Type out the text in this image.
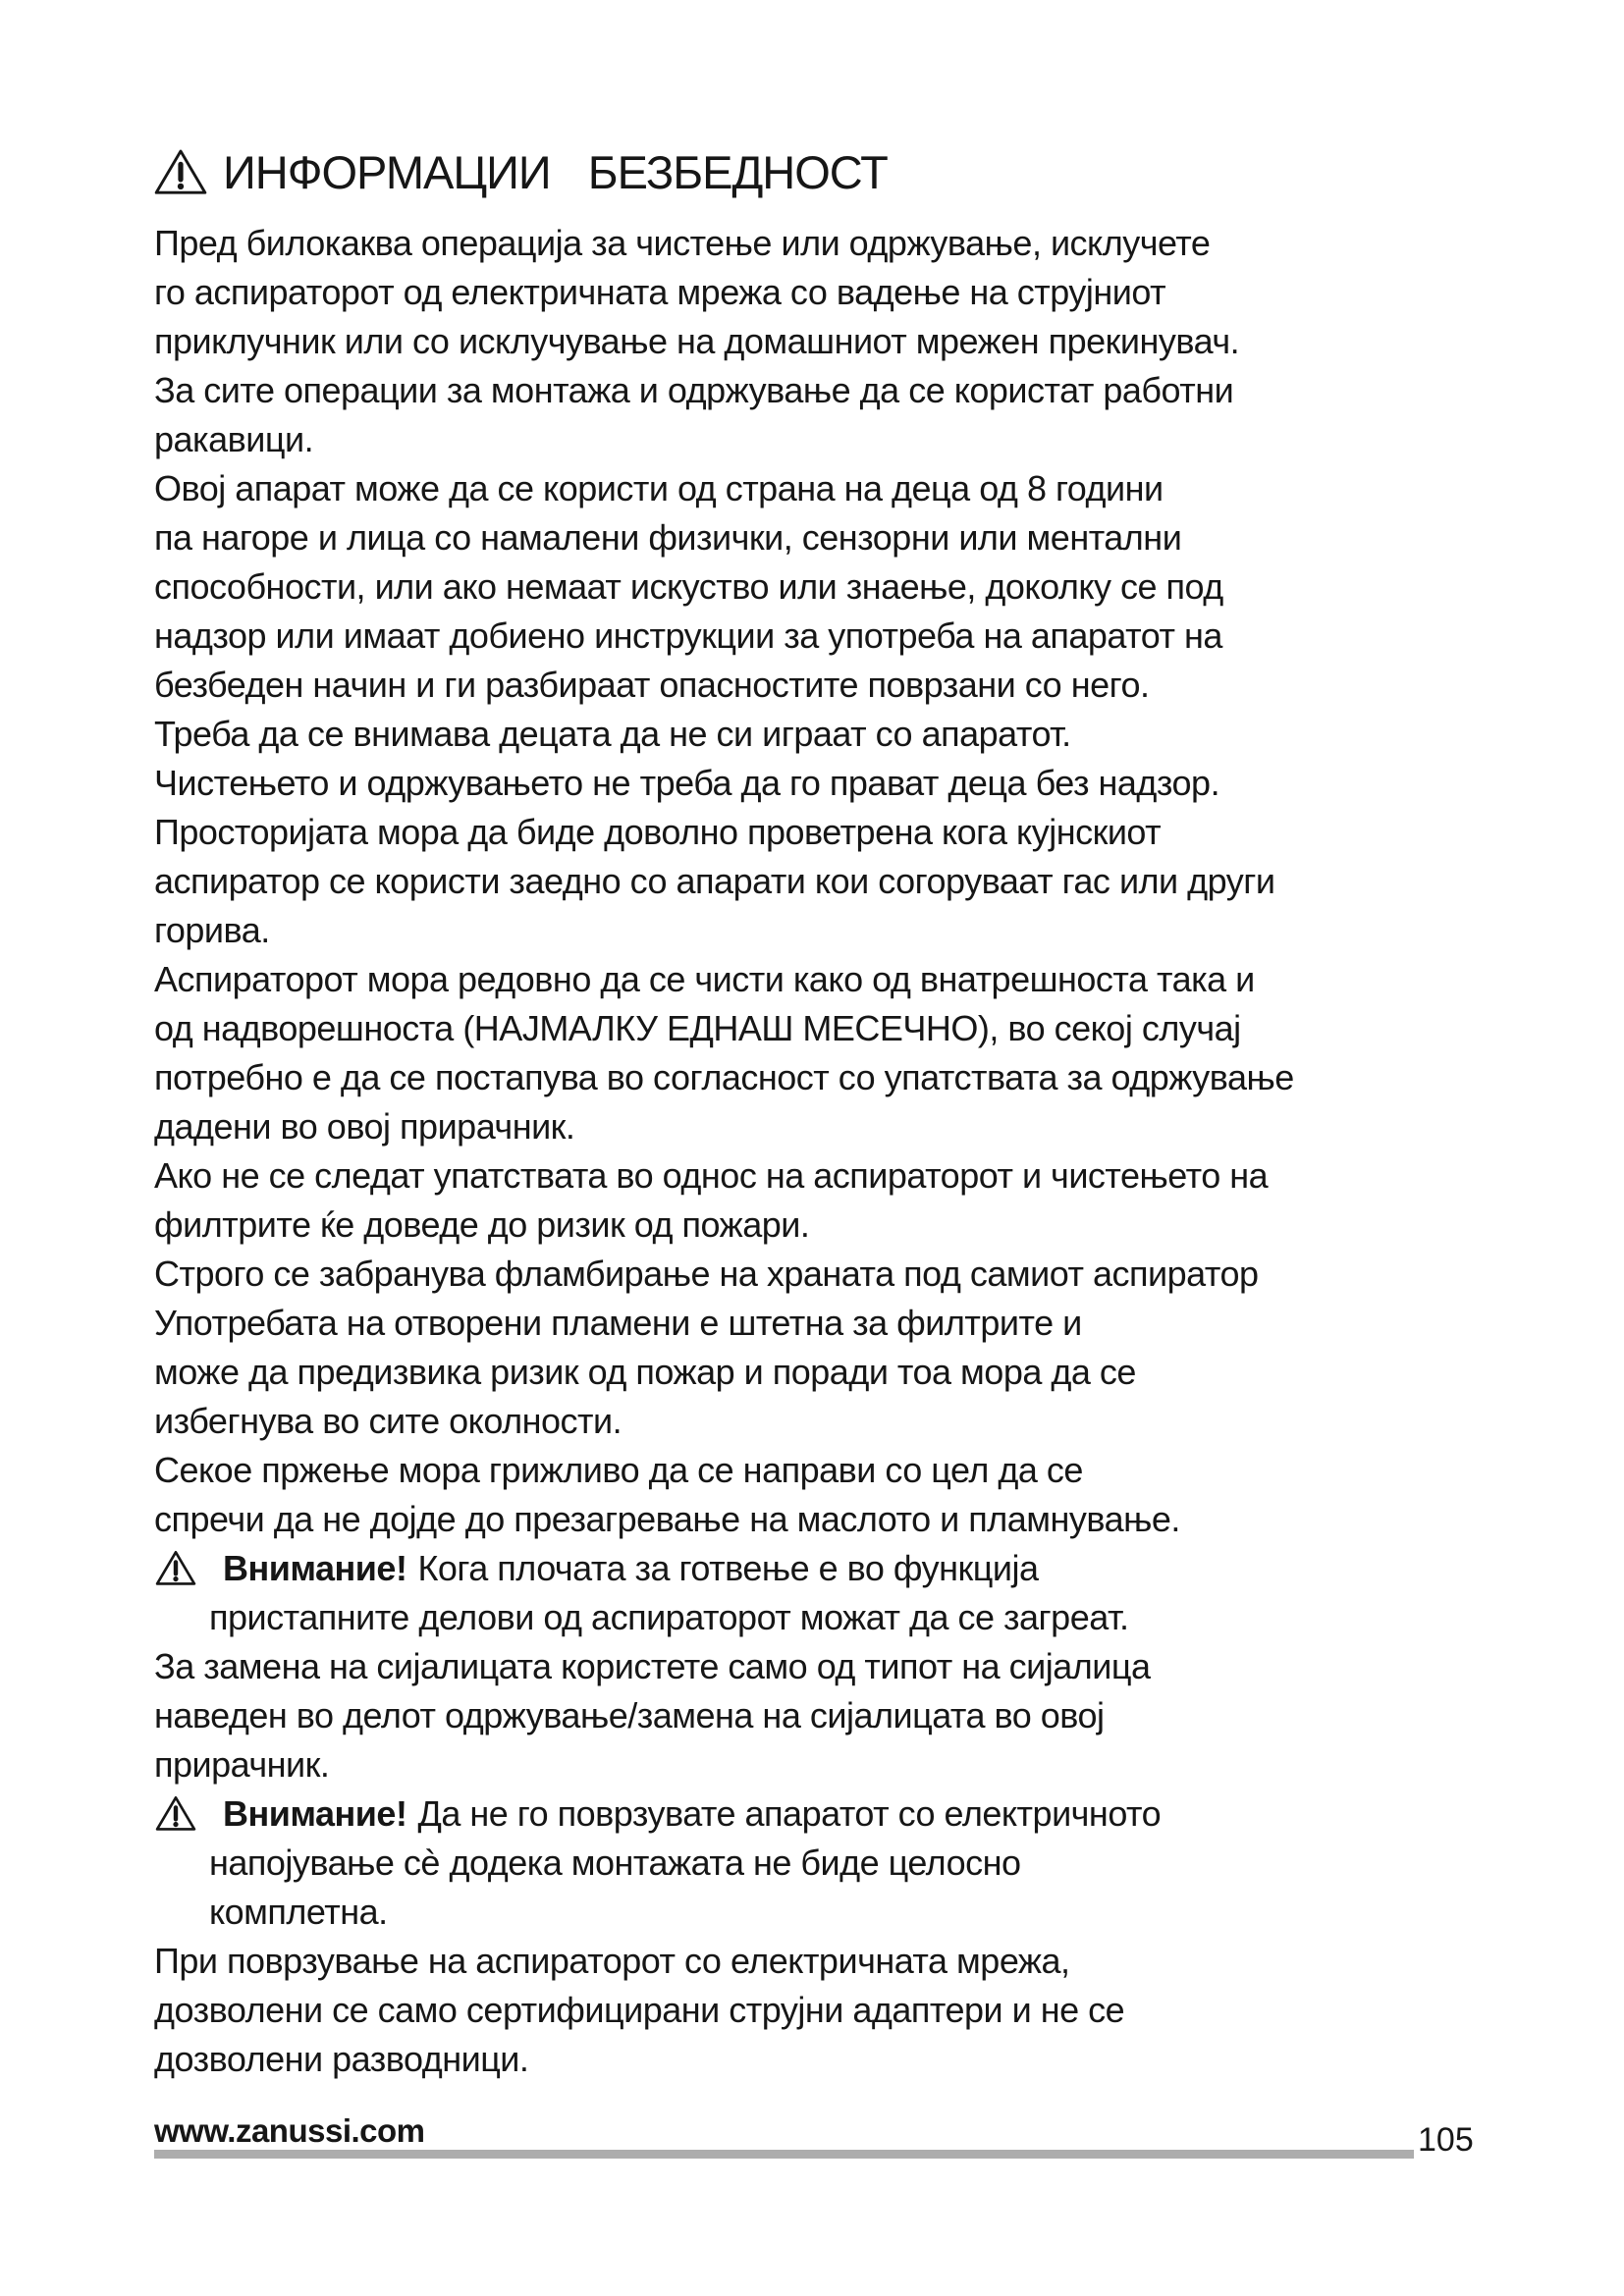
ИНФОРМАЦИИ БЕЗБЕДНОСТ
Пред билокаква операција за чистење или одржување, исклучете
го аспираторот од електричната мрежа со вадење на струјниот
приклучник или со исклучување на домашниот мрежен прекинувач.
За сите операции за монтажа и одржување да се користат работни
ракавици.
Овој апарат може да се користи од страна на деца од 8 години
па нагоре и лица со намалени физички, сензорни или ментални
способности, или ако немаат искуство или знаење, доколку се под
надзор или имаат добиено инструкции за употреба на апаратот на
безбеден начин и ги разбираат опасностите поврзани со него.
Треба да се внимава децата да не си играат со апаратот.
Чистењето и одржувањето не треба да го прават деца без надзор.
Просторијата мора да биде доволно проветрена кога кујнскиот
аспиратор се користи заедно со апарати кои согоруваат гас или други
горива.
Аспираторот мора редовно да се чисти како од внатрешноста така и
од надворешноста (НАЈМАЛКУ ЕДНАШ МЕСЕЧНО), во секој случај
потребно е да се постапува во согласност со упатствата за одржување
дадени во овој прирачник.
Ако не се следат упатствата во однос на аспираторот и чистењето на
филтрите ќе доведе до ризик од пожари.
Строго се забранува фламбирање на храната под самиот аспиратор
Употребата на отворени пламени е штетна за филтрите и
може да предизвика ризик од пожар и поради тоа мора да се
избегнува во сите околности.
Секое пржење мора грижливо да се направи со цел да се
спречи да не дојде до презагревање на маслото и пламнување.
Внимание! Кога плочата за готвење е во функција
пристапните делови од аспираторот можат да се загреат.
За замена на сијалицата користете само од типот на сијалица
наведен во делот одржување/замена на сијалицата во овој
прирачник.
Внимание! Да не го поврзувате апаратот со електричното
напојување сè додека монтажата не биде целосно
комплетна.
При поврзување на аспираторот со електричната мрежа,
дозволени се само сертифицирани струјни адаптери и не се
дозволени разводници.
www.zanussi.com	105
